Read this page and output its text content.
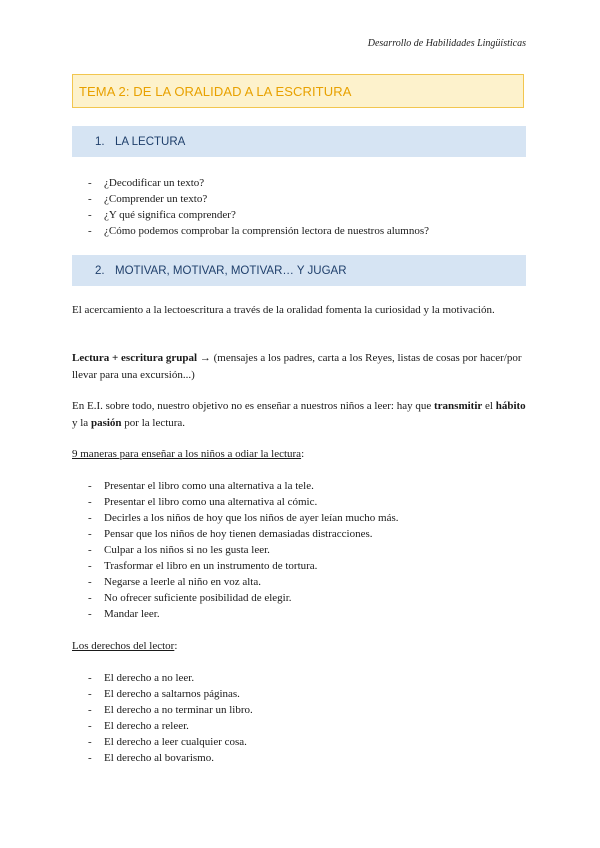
Desarrollo de Habilidades Lingüísticas
TEMA 2: DE LA ORALIDAD A LA ESCRITURA
1. LA LECTURA
- ¿Decodificar un texto?
- ¿Comprender un texto?
- ¿Y qué significa comprender?
- ¿Cómo podemos comprobar la comprensión lectora de nuestros alumnos?
2. MOTIVAR, MOTIVAR, MOTIVAR… Y JUGAR
El acercamiento a la lectoescritura a través de la oralidad fomenta la curiosidad y la motivación.
Lectura + escritura grupal → (mensajes a los padres, carta a los Reyes, listas de cosas por hacer/por llevar para una excursión...)
En E.I. sobre todo, nuestro objetivo no es enseñar a nuestros niños a leer: hay que transmitir el hábito y la pasión por la lectura.
9 maneras para enseñar a los niños a odiar la lectura:
- Presentar el libro como una alternativa a la tele.
- Presentar el libro como una alternativa al cómic.
- Decirles a los niños de hoy que los niños de ayer leían mucho más.
- Pensar que los niños de hoy tienen demasiadas distracciones.
- Culpar a los niños si no les gusta leer.
- Trasformar el libro en un instrumento de tortura.
- Negarse a leerle al niño en voz alta.
- No ofrecer suficiente posibilidad de elegir.
- Mandar leer.
Los derechos del lector:
- El derecho a no leer.
- El derecho a saltarnos páginas.
- El derecho a no terminar un libro.
- El derecho a releer.
- El derecho a leer cualquier cosa.
- El derecho al bovarismo.
